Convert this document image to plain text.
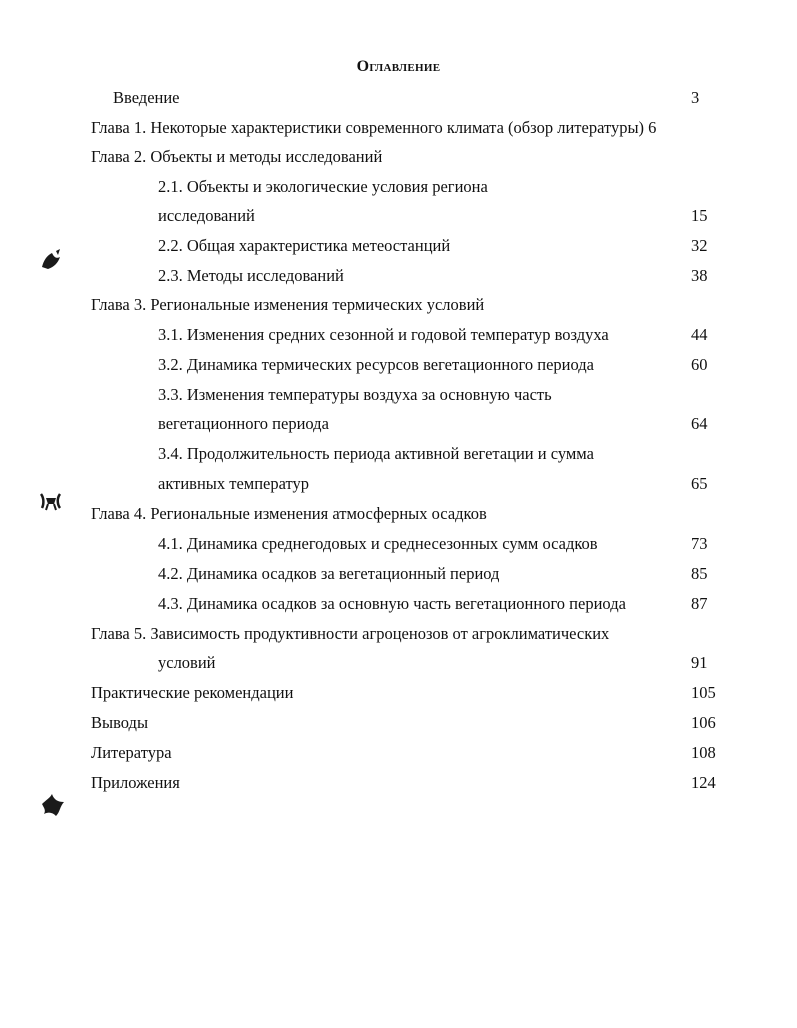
Оглавление
Введение	3
Глава 1. Некоторые характеристики современного климата (обзор литературы) 6
Глава 2. Объекты и методы исследований
2.1. Объекты и экологические условия региона
исследований	15
2.2. Общая характеристика метеостанций	32
2.3. Методы исследований	38
Глава 3. Региональные изменения термических условий
3.1. Изменения средних сезонной и годовой температур воздуха	44
3.2. Динамика термических ресурсов вегетационного периода	60
3.3. Изменения температуры воздуха за основную часть
вегетационного периода	64
3.4. Продолжительность периода активной вегетации и сумма
активных температур	65
Глава 4. Региональные изменения атмосферных осадков
4.1. Динамика среднегодовых и среднесезонных сумм осадков	73
4.2. Динамика осадков за вегетационный период	85
4.3. Динамика осадков за основную часть вегетационного периода	87
Глава 5. Зависимость продуктивности агроценозов от агроклиматических
условий	91
Практические рекомендации	105
Выводы	106
Литература	108
Приложения	124
